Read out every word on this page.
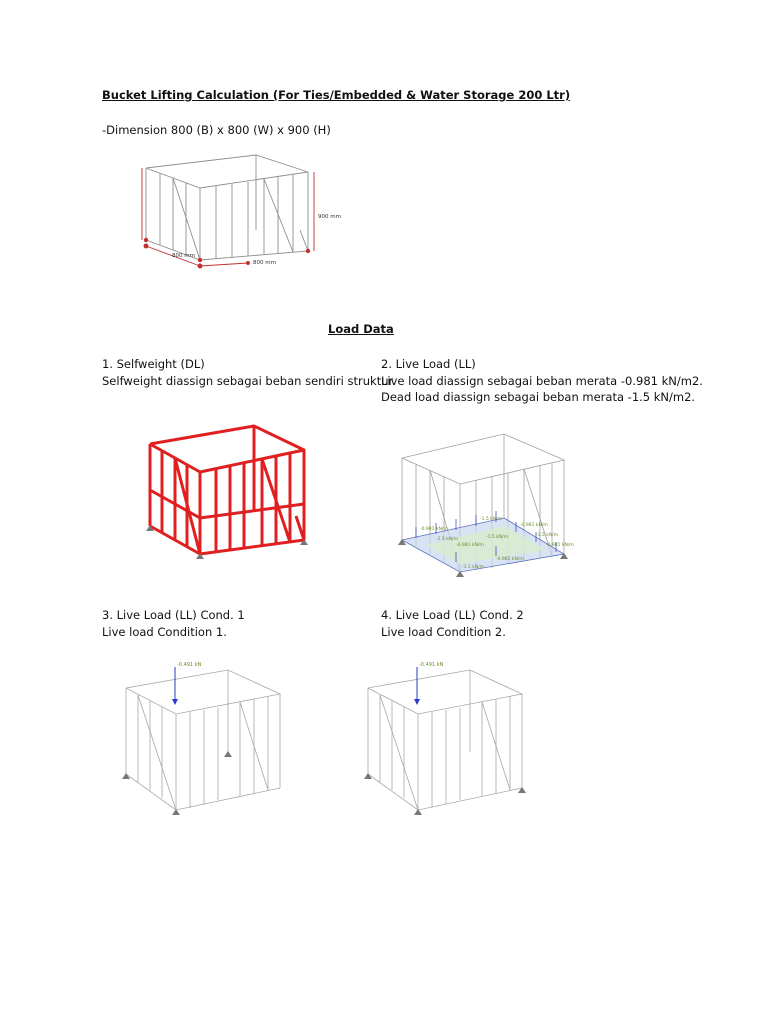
Bucket Lifting Calculation (For Ties/Embedded & Water Storage 200 Ltr)
-Dimension 800 (B) x 800 (W) x 900 (H)
900 mm
800 mm
800 mm
Load Data
1. Selfweight (DL)
Selfweight diassign sebagai beban sendiri struktur.
2. Live Load (LL)
Live load diassign sebagai beban merata -0.981 kN/m2.
Dead load diassign sebagai beban merata -1.5 kN/m2.
-0.981 kN/m
-1.5 kN/m
-0.981 kN/m
-1.5 kN/m
-0.981 kN/m
-1.5 kN/m
-0.981 kN/m
-1.5 kN/m
-0.981 kN/m
-1.5 kN/m
3. Live Load (LL) Cond. 1
Live load Condition 1.
4. Live Load (LL) Cond. 2
Live load Condition 2.
-0.491 kN	-0.491 kN
